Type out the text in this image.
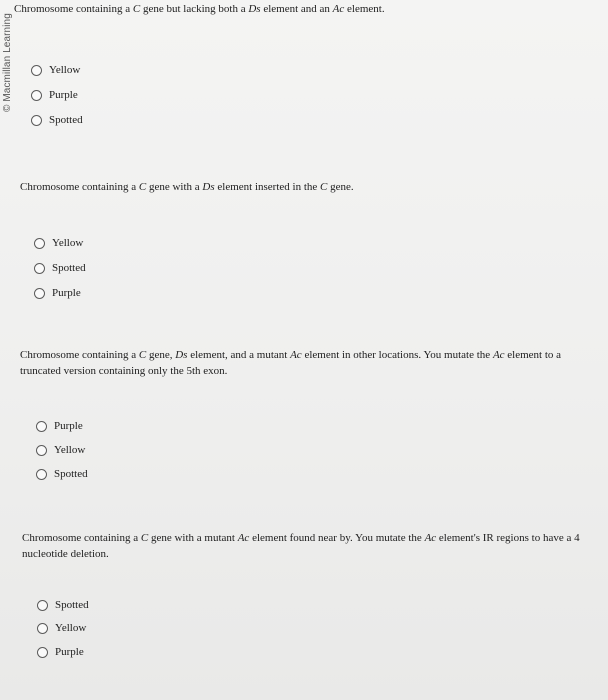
© Macmillan Learning
Chromosome containing a C gene but lacking both a Ds element and an Ac element.
Yellow
Purple
Spotted
Chromosome containing a C gene with a Ds element inserted in the C gene.
Yellow
Spotted
Purple
Chromosome containing a C gene, Ds element, and a mutant Ac element in other locations. You mutate the Ac element to a truncated version containing only the 5th exon.
Purple
Yellow
Spotted
Chromosome containing a C gene with a mutant Ac element found near by. You mutate the Ac element's IR regions to have a 4 nucleotide deletion.
Spotted
Yellow
Purple
